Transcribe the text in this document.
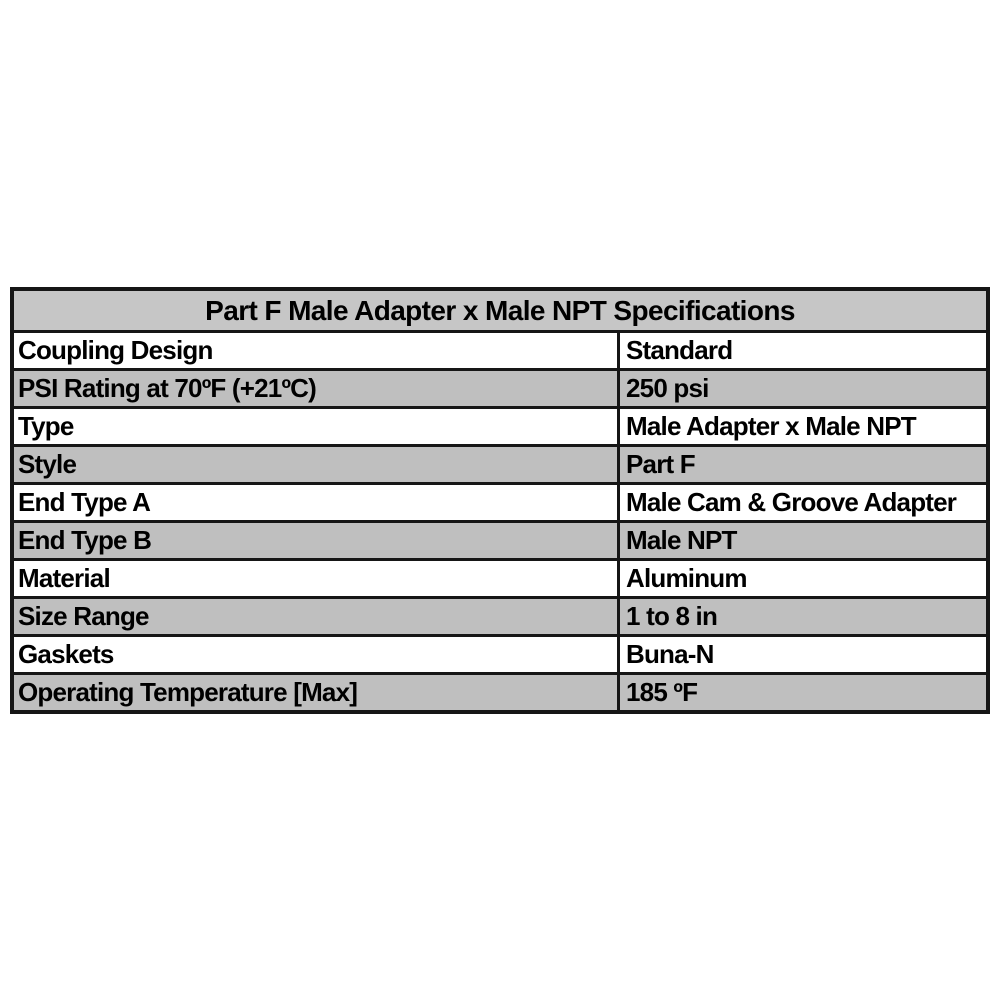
Part F Male Adapter x Male NPT Specifications
Coupling Design	Standard
PSI Rating at 70ºF (+21ºC)	250 psi
Type	Male Adapter x Male NPT
Style	Part F
End Type A	Male Cam & Groove Adapter
End Type B	Male NPT
Material	Aluminum
Size Range	1 to 8 in
Gaskets	Buna-N
Operating Temperature [Max]	185 ºF
